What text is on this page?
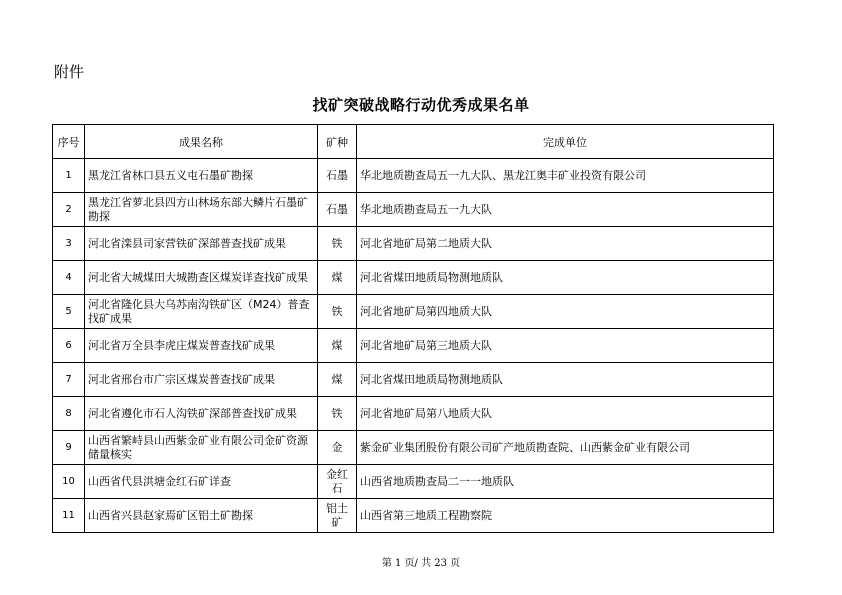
附件
找矿突破战略行动优秀成果名单
序号	成果名称	矿种	完成单位
1	黑龙江省林口县五义屯石墨矿勘探	石墨	华北地质勘查局五一九大队、黑龙江奥丰矿业投资有限公司
2	黑龙江省萝北县四方山林场东部大鳞片石墨矿勘探	石墨	华北地质勘查局五一九大队
3	河北省滦县司家营铁矿深部普查找矿成果	铁	河北省地矿局第二地质大队
4	河北省大城煤田大城勘查区煤炭详查找矿成果	煤	河北省煤田地质局物测地质队
5	河北省隆化县大乌苏南沟铁矿区（M24）普查找矿成果	铁	河北省地矿局第四地质大队
6	河北省万全县李虎庄煤炭普查找矿成果	煤	河北省地矿局第三地质大队
7	河北省邢台市广宗区煤炭普查找矿成果	煤	河北省煤田地质局物测地质队
8	河北省遵化市石人沟铁矿深部普查找矿成果	铁	河北省地矿局第八地质大队
9	山西省繁峙县山西紫金矿业有限公司金矿资源储量核实	金	紫金矿业集团股份有限公司矿产地质勘查院、山西紫金矿业有限公司
10	山西省代县洪塘金红石矿详查	金红石	山西省地质勘查局二一一地质队
11	山西省兴县赵家焉矿区铝土矿勘探	铝土矿	山西省第三地质工程勘察院
第 1 页/ 共 23 页
